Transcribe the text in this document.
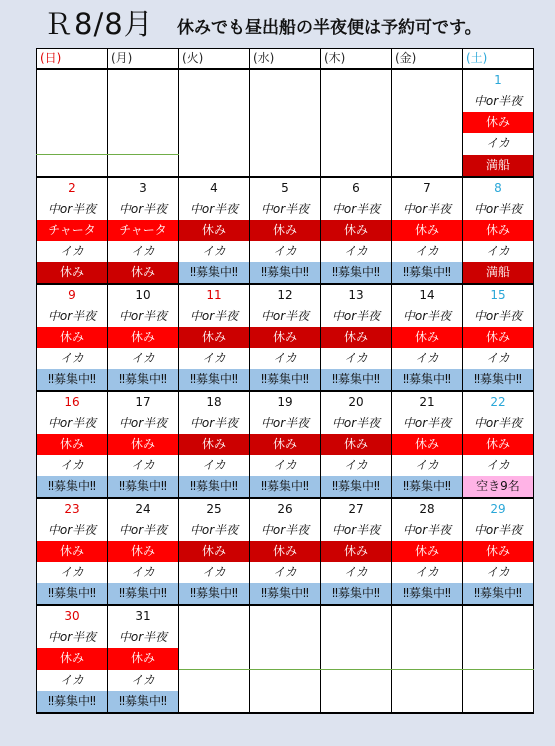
Ｒ8/8月 休みでも昼出船の半夜便は予約可です。
(日)	(月)	(火)	(水)	(木)	(金)	(土)
						1
						中or半夜
						休み
						イカ
						満船
2	3	4	5	6	7	8
中or半夜	中or半夜	中or半夜	中or半夜	中or半夜	中or半夜	中or半夜
チャータ	チャータ	休み	休み	休み	休み	休み
イカ	イカ	イカ	イカ	イカ	イカ	イカ
休み	休み	‼募集中‼	‼募集中‼	‼募集中‼	‼募集中‼	満船
9	10	11	12	13	14	15
中or半夜	中or半夜	中or半夜	中or半夜	中or半夜	中or半夜	中or半夜
休み	休み	休み	休み	休み	休み	休み
イカ	イカ	イカ	イカ	イカ	イカ	イカ
‼募集中‼	‼募集中‼	‼募集中‼	‼募集中‼	‼募集中‼	‼募集中‼	‼募集中‼
16	17	18	19	20	21	22
中or半夜	中or半夜	中or半夜	中or半夜	中or半夜	中or半夜	中or半夜
休み	休み	休み	休み	休み	休み	休み
イカ	イカ	イカ	イカ	イカ	イカ	イカ
‼募集中‼	‼募集中‼	‼募集中‼	‼募集中‼	‼募集中‼	‼募集中‼	空き9名
23	24	25	26	27	28	29
中or半夜	中or半夜	中or半夜	中or半夜	中or半夜	中or半夜	中or半夜
休み	休み	休み	休み	休み	休み	休み
イカ	イカ	イカ	イカ	イカ	イカ	イカ
‼募集中‼	‼募集中‼	‼募集中‼	‼募集中‼	‼募集中‼	‼募集中‼	‼募集中‼
30	31					
中or半夜	中or半夜					
休み	休み					
イカ	イカ					
‼募集中‼	‼募集中‼					
